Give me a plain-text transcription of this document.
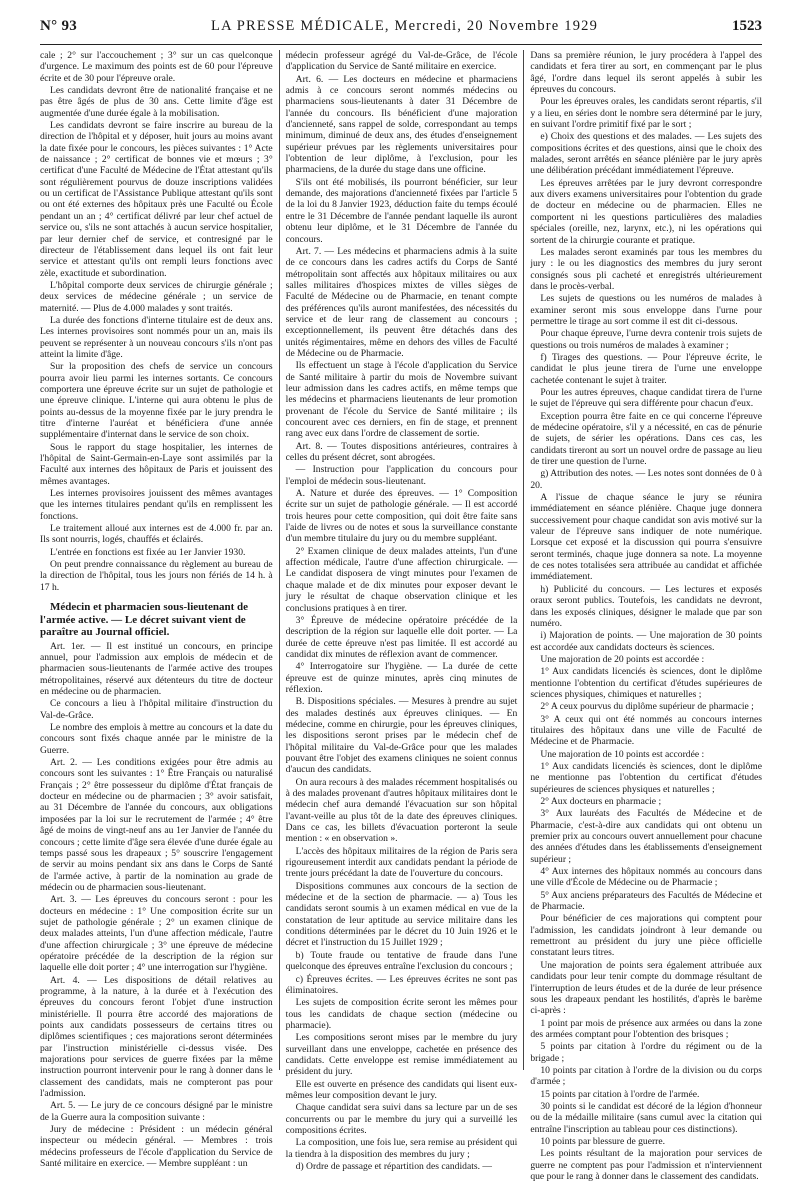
N° 93	LA PRESSE MÉDICALE, Mercredi, 20 Novembre 1929	1523

cale ; 2° sur l'accouchement ; 3° sur un cas quelconque d'urgence. Le maximum des points est de 60 pour l'épreuve écrite et de 30 pour l'épreuve orale.

Les candidats devront être de nationalité française et ne pas être âgés de plus de 30 ans. Cette limite d'âge est augmentée d'une durée égale à la mobilisation.

Les candidats devront se faire inscrire au bureau de la direction de l'hôpital et y déposer, huit jours au moins avant la date fixée pour le concours, les pièces suivantes : 1° Acte de naissance ; 2° certificat de bonnes vie et mœurs ; 3° certificat d'une Faculté de Médecine de l'État attestant qu'ils sont régulièrement pourvus de douze inscriptions validées ou un certificat de l'Assistance Publique attestant qu'ils sont ou ont été externes des hôpitaux près une Faculté ou École pendant un an ; 4° certificat délivré par leur chef actuel de service ou, s'ils ne sont attachés à aucun service hospitalier, par leur dernier chef de service, et contresigné par le directeur de l'établissement dans lequel ils ont fait leur service et attestant qu'ils ont rempli leurs fonctions avec zèle, exactitude et subordination.

L'hôpital comporte deux services de chirurgie générale ; deux services de médecine générale ; un service de maternité. — Plus de 4.000 malades y sont traités.

La durée des fonctions d'interne titulaire est de deux ans. Les internes provisoires sont nommés pour un an, mais ils peuvent se représenter à un nouveau concours s'ils n'ont pas atteint la limite d'âge.

Sur la proposition des chefs de service un concours pourra avoir lieu parmi les internes sortants. Ce concours comportera une épreuve écrite sur un sujet de pathologie et une épreuve clinique. L'interne qui aura obtenu le plus de points au-dessus de la moyenne fixée par le jury prendra le titre d'interne l'auréat et bénéficiera d'une année supplémentaire d'internat dans le service de son choix.

Sous le rapport du stage hospitalier, les internes de l'hôpital de Saint-Germain-en-Laye sont assimilés par la Faculté aux internes des hôpitaux de Paris et jouissent des mêmes avantages.

Les internes provisoires jouissent des mêmes avantages que les internes titulaires pendant qu'ils en remplissent les fonctions.

Le traitement alloué aux internes est de 4.000 fr. par an. Ils sont nourris, logés, chauffés et éclairés.

L'entrée en fonctions est fixée au 1er Janvier 1930.

On peut prendre connaissance du règlement au bureau de la direction de l'hôpital, tous les jours non fériés de 14 h. à 17 h.

Médecin et pharmacien sous-lieutenant de l'armée active. — Le décret suivant vient de paraître au Journal officiel.

Art. 1er. — Il est institué un concours, en principe annuel, pour l'admission aux emplois de médecin et de pharmacien sous-lieutenants de l'armée active des troupes métropolitaines, réservé aux détenteurs du titre de docteur en médecine ou de pharmacien.

Ce concours a lieu à l'hôpital militaire d'instruction du Val-de-Grâce.

Le nombre des emplois à mettre au concours et la date du concours sont fixés chaque année par le ministre de la Guerre.

Art. 2. — Les conditions exigées pour être admis au concours sont les suivantes : 1° Être Français ou naturalisé Français ; 2° être possesseur du diplôme d'État français de docteur en médecine ou de pharmacien ; 3° avoir satisfait, au 31 Décembre de l'année du concours, aux obligations imposées par la loi sur le recrutement de l'armée ; 4° être âgé de moins de vingt-neuf ans au 1er Janvier de l'année du concours ; cette limite d'âge sera élevée d'une durée égale au temps passé sous les drapeaux ; 5° souscrire l'engagement de servir au moins pendant six ans dans le Corps de Santé de l'armée active, à partir de la nomination au grade de médecin ou de pharmacien sous-lieutenant.

Art. 3. — Les épreuves du concours seront : pour les docteurs en médecine : 1° Une composition écrite sur un sujet de pathologie générale ; 2° un examen clinique de deux malades atteints, l'un d'une affection médicale, l'autre d'une affection chirurgicale ; 3° une épreuve de médecine opératoire précédée de la description de la région sur laquelle elle doit porter ; 4° une interrogation sur l'hygiène.

Art. 4. — Les dispositions de détail relatives au programme, à la nature, à la durée et à l'exécution des épreuves du concours feront l'objet d'une instruction ministérielle. Il pourra être accordé des majorations de points aux candidats possesseurs de certains titres ou diplômes scientifiques ; ces majorations seront déterminées par l'instruction ministérielle ci-dessus visée. Des majorations pour services de guerre fixées par la même instruction pourront intervenir pour le rang à donner dans le classement des candidats, mais ne compteront pas pour l'admission.

Art. 5. — Le jury de ce concours désigné par le ministre de la Guerre aura la composition suivante :

Jury de médecine : Président : un médecin général inspecteur ou médecin général. — Membres : trois médecins professeurs de l'école d'application du Service de Santé militaire en exercice. — Membre suppléant : un

médecin professeur agrégé du Val-de-Grâce, de l'école d'application du Service de Santé militaire en exercice.

Art. 6. — Les docteurs en médecine et pharmaciens admis à ce concours seront nommés médecins ou pharmaciens sous-lieutenants à dater 31 Décembre de l'année du concours. Ils bénéficient d'une majoration d'ancienneté, sans rappel de solde, correspondant au temps minimum, diminué de deux ans, des études d'enseignement supérieur prévues par les règlements universitaires pour l'obtention de leur diplôme, à l'exclusion, pour les pharmaciens, de la durée du stage dans une officine.

S'ils ont été mobilisés, ils pourront bénéficier, sur leur demande, des majorations d'ancienneté fixées par l'article 5 de la loi du 8 Janvier 1923, déduction faite du temps écoulé entre le 31 Décembre de l'année pendant laquelle ils auront obtenu leur diplôme, et le 31 Décembre de l'année du concours.

Art. 7. — Les médecins et pharmaciens admis à la suite de ce concours dans les cadres actifs du Corps de Santé métropolitain sont affectés aux hôpitaux militaires ou aux salles militaires d'hospices mixtes de villes sièges de Faculté de Médecine ou de Pharmacie, en tenant compte des préférences qu'ils auront manifestées, des nécessités du service et de leur rang de classement au concours ; exceptionnellement, ils peuvent être détachés dans des unités régimentaires, même en dehors des villes de Faculté de Médecine ou de Pharmacie.

Ils effectuent un stage à l'école d'application du Service de Santé militaire à partir du mois de Novembre suivant leur admission dans les cadres actifs, en même temps que les médecins et pharmaciens lieutenants de leur promotion provenant de l'école du Service de Santé militaire ; ils concourent avec ces derniers, en fin de stage, et prennent rang avec eux dans l'ordre de classement de sortie.

Art. 8. — Toutes dispositions antérieures, contraires à celles du présent décret, sont abrogées.

— Instruction pour l'application du concours pour l'emploi de médecin sous-lieutenant.

A. Nature et durée des épreuves. — 1° Composition écrite sur un sujet de pathologie générale. — Il est accordé trois heures pour cette composition, qui doit être faite sans l'aide de livres ou de notes et sous la surveillance constante d'un membre titulaire du jury ou du membre suppléant.

2° Examen clinique de deux malades atteints, l'un d'une affection médicale, l'autre d'une affection chirurgicale. — Le candidat disposera de vingt minutes pour l'examen de chaque malade et de dix minutes pour exposer devant le jury le résultat de chaque observation clinique et les conclusions pratiques à en tirer.

3° Épreuve de médecine opératoire précédée de la description de la région sur laquelle elle doit porter. — La durée de cette épreuve n'est pas limitée. Il est accordé au candidat dix minutes de réflexion avant de commencer.

4° Interrogatoire sur l'hygiène. — La durée de cette épreuve est de quinze minutes, après cinq minutes de réflexion.

B. Dispositions spéciales. — Mesures à prendre au sujet des malades destinés aux épreuves cliniques. — En médecine, comme en chirurgie, pour les épreuves cliniques, les dispositions seront prises par le médecin chef de l'hôpital militaire du Val-de-Grâce pour que les malades pouvant être l'objet des examens cliniques ne soient connus d'aucun des candidats.

On aura recours à des malades récemment hospitalisés ou à des malades provenant d'autres hôpitaux militaires dont le médecin chef aura demandé l'évacuation sur son hôpital l'avant-veille au plus tôt de la date des épreuves cliniques. Dans ce cas, les billets d'évacuation porteront la seule mention : « en observation ».

L'accès des hôpitaux militaires de la région de Paris sera rigoureusement interdit aux candidats pendant la période de trente jours précédant la date de l'ouverture du concours.

Dispositions communes aux concours de la section de médecine et de la section de pharmacie. — a) Tous les candidats seront soumis à un examen médical en vue de la constatation de leur aptitude au service militaire dans les conditions déterminées par le décret du 10 Juin 1926 et le décret et l'instruction du 15 Juillet 1929 ;

b) Toute fraude ou tentative de fraude dans l'une quelconque des épreuves entraîne l'exclusion du concours ;

c) Épreuves écrites. — Les épreuves écrites ne sont pas éliminatoires.

Les sujets de composition écrite seront les mêmes pour tous les candidats de chaque section (médecine ou pharmacie).

Les compositions seront mises par le membre du jury surveillant dans une enveloppe, cachetée en présence des candidats. Cette enveloppe est remise immédiatement au président du jury.

Elle est ouverte en présence des candidats qui lisent eux-mêmes leur composition devant le jury.

Chaque candidat sera suivi dans sa lecture par un de ses concurrents ou par le membre du jury qui a surveillé les compositions écrites.

La composition, une fois lue, sera remise au président qui la tiendra à la disposition des membres du jury ;

d) Ordre de passage et répartition des candidats. —

Dans sa première réunion, le jury procédera à l'appel des candidats et fera tirer au sort, en commençant par le plus âgé, l'ordre dans lequel ils seront appelés à subir les épreuves du concours.

Pour les épreuves orales, les candidats seront répartis, s'il y a lieu, en séries dont le nombre sera déterminé par le jury, en suivant l'ordre primitif fixé par le sort ;

e) Choix des questions et des malades. — Les sujets des compositions écrites et des questions, ainsi que le choix des malades, seront arrêtés en séance plénière par le jury après une délibération précédant immédiatement l'épreuve.

Les épreuves arrêtées par le jury devront correspondre aux divers examens universitaires pour l'obtention du grade de docteur en médecine ou de pharmacien. Elles ne comportent ni les questions particulières des maladies spéciales (oreille, nez, larynx, etc.), ni les opérations qui sortent de la chirurgie courante et pratique.

Les malades seront examinés par tous les membres du jury : le ou les diagnostics des membres du jury seront consignés sous pli cacheté et enregistrés ultérieurement dans le procès-verbal.

Les sujets de questions ou les numéros de malades à examiner seront mis sous enveloppe dans l'urne pour permettre le tirage au sort comme il est dit ci-dessous.

Pour chaque épreuve, l'urne devra contenir trois sujets de questions ou trois numéros de malades à examiner ;

f) Tirages des questions. — Pour l'épreuve écrite, le candidat le plus jeune tirera de l'urne une enveloppe cachetée contenant le sujet à traiter.

Pour les autres épreuves, chaque candidat tirera de l'urne le sujet de l'épreuve qui sera différente pour chacun d'eux.

Exception pourra être faite en ce qui concerne l'épreuve de médecine opératoire, s'il y a nécessité, en cas de pénurie de sujets, de sérier les opérations. Dans ces cas, les candidats tireront au sort un nouvel ordre de passage au lieu de tirer une question de l'urne.

g) Attribution des notes. — Les notes sont données de 0 à 20.

A l'issue de chaque séance le jury se réunira immédiatement en séance plénière. Chaque juge donnera successivement pour chaque candidat son avis motivé sur la valeur de l'épreuve sans indiquer de note numérique. Lorsque cet exposé et la discussion qui pourra s'ensuivre seront terminés, chaque juge donnera sa note. La moyenne de ces notes totalisées sera attribuée au candidat et affichée immédiatement.

h) Publicité du concours. — Les lectures et exposés oraux seront publics. Toutefois, les candidats ne devront, dans les exposés cliniques, désigner le malade que par son numéro.

i) Majoration de points. — Une majoration de 30 points est accordée aux candidats docteurs ès sciences.

Une majoration de 20 points est accordée :

1° Aux candidats licenciés ès sciences, dont le diplôme mentionne l'obtention du certificat d'études supérieures de sciences physiques, chimiques et naturelles ;

2° A ceux pourvus du diplôme supérieur de pharmacie ;

3° A ceux qui ont été nommés au concours internes titulaires des hôpitaux dans une ville de Faculté de Médecine et de Pharmacie.

Une majoration de 10 points est accordée :

1° Aux candidats licenciés ès sciences, dont le diplôme ne mentionne pas l'obtention du certificat d'études supérieures de sciences physiques et naturelles ;

2° Aux docteurs en pharmacie ;

3° Aux lauréats des Facultés de Médecine et de Pharmacie, c'est-à-dire aux candidats qui ont obtenu un premier prix au concours ouvert annuellement pour chacune des années d'études dans les établissements d'enseignement supérieur ;

4° Aux internes des hôpitaux nommés au concours dans une ville d'École de Médecine ou de Pharmacie ;

5° Aux anciens préparateurs des Facultés de Médecine et de Pharmacie.

Pour bénéficier de ces majorations qui comptent pour l'admission, les candidats joindront à leur demande ou remettront au président du jury une pièce officielle constatant leurs titres.

Une majoration de points sera également attribuée aux candidats pour leur tenir compte du dommage résultant de l'interruption de leurs études et de la durée de leur présence sous les drapeaux pendant les hostilités, d'après le barème ci-après :

1 point par mois de présence aux armées ou dans la zone des armées comptant pour l'obtention des brisques ;

5 points par citation à l'ordre du régiment ou de la brigade ;

10 points par citation à l'ordre de la division ou du corps d'armée ;

15 points par citation à l'ordre de l'armée.

30 points si le candidat est décoré de la légion d'honneur ou de la médaille militaire (sans cumul avec la citation qui entraîne l'inscription au tableau pour ces distinctions).

10 points par blessure de guerre.

Les points résultant de la majoration pour services de guerre ne comptent pas pour l'admission et n'interviennent que pour le rang à donner dans le classement des candidats.
